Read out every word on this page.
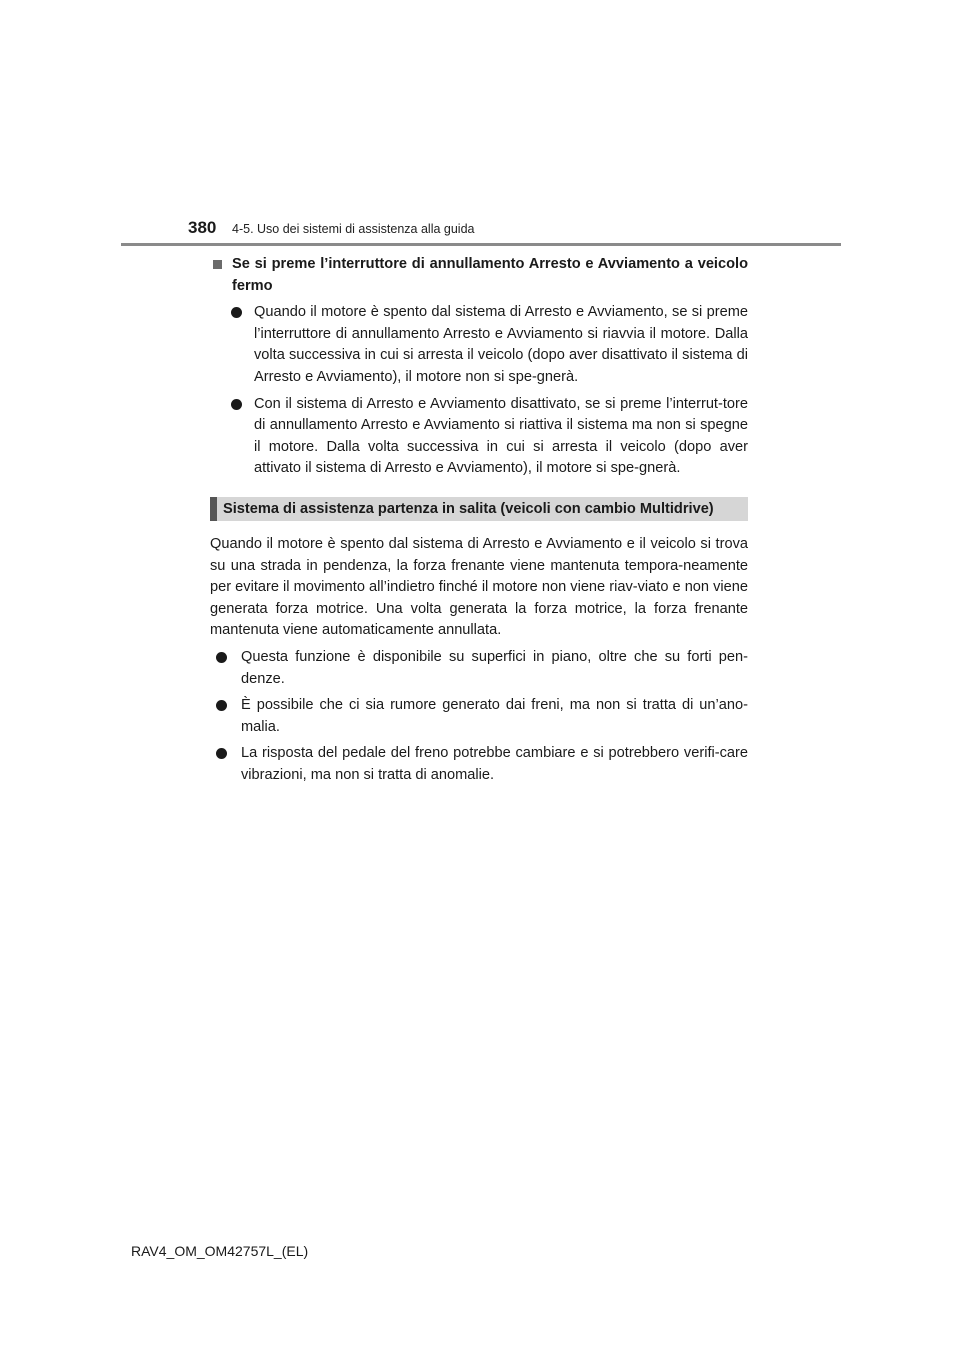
380 4-5. Uso dei sistemi di assistenza alla guida
Se si preme l’interruttore di annullamento Arresto e Avviamento a veicolo fermo
Quando il motore è spento dal sistema di Arresto e Avviamento, se si preme l’interruttore di annullamento Arresto e Avviamento si riavvia il motore. Dalla volta successiva in cui si arresta il veicolo (dopo aver disattivato il sistema di Arresto e Avviamento), il motore non si spe-gnerà.
Con il sistema di Arresto e Avviamento disattivato, se si preme l’interrut-tore di annullamento Arresto e Avviamento si riattiva il sistema ma non si spegne il motore. Dalla volta successiva in cui si arresta il veicolo (dopo aver attivato il sistema di Arresto e Avviamento), il motore si spe-gnerà.
Sistema di assistenza partenza in salita (veicoli con cambio Multidrive)
Quando il motore è spento dal sistema di Arresto e Avviamento e il veicolo si trova su una strada in pendenza, la forza frenante viene mantenuta tempora-neamente per evitare il movimento all’indietro finché il motore non viene riav-viato e non viene generata forza motrice. Una volta generata la forza motrice, la forza frenante mantenuta viene automaticamente annullata.
Questa funzione è disponibile su superfici in piano, oltre che su forti pen-denze.
È possibile che ci sia rumore generato dai freni, ma non si tratta di un’ano-malia.
La risposta del pedale del freno potrebbe cambiare e si potrebbero verifi-care vibrazioni, ma non si tratta di anomalie.
RAV4_OM_OM42757L_(EL)
